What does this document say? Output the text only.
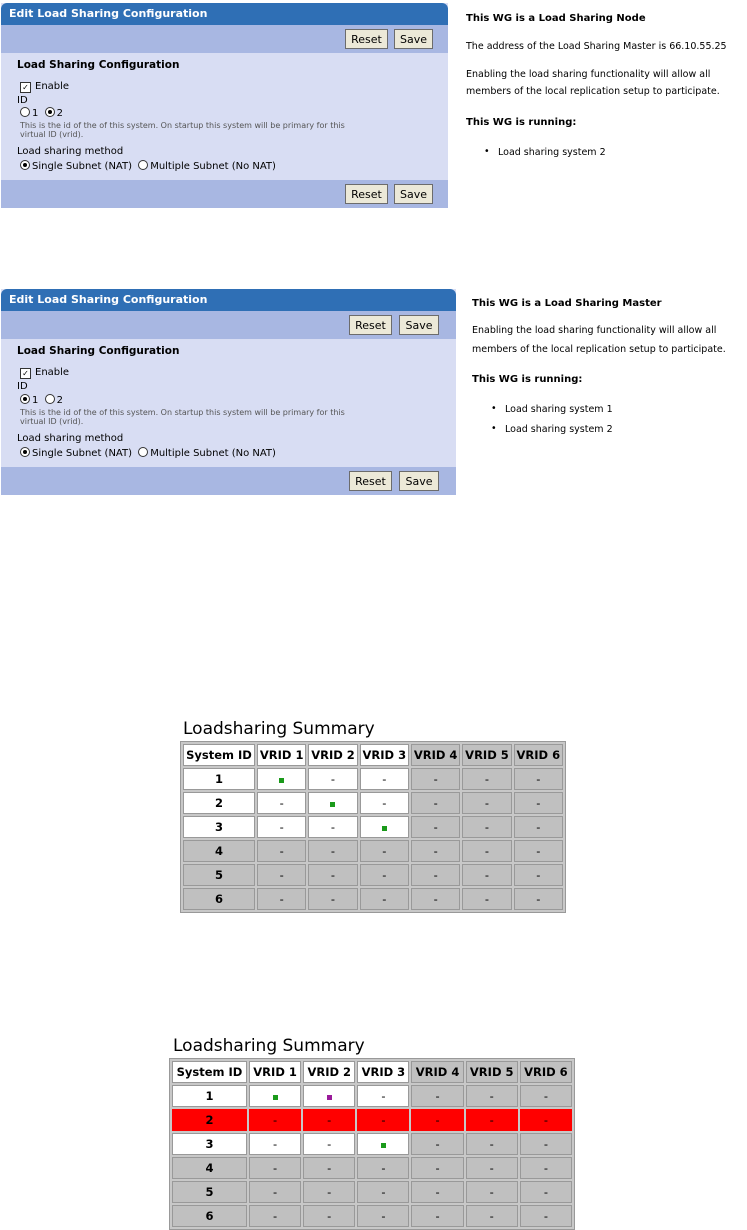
Edit Load Sharing Configuration
Reset	Save
Load Sharing Configuration
✓ Enable
ID
1 2
This is the id of the of this system. On startup this system will be primary for this virtual ID (vrid).
Load sharing method
Single Subnet (NAT) Multiple Subnet (No NAT)
Reset	Save
This WG is a Load Sharing Node
The address of the Load Sharing Master is 66.10.55.25
Enabling the load sharing functionality will allow all
members of the local replication setup to participate.
This WG is running:
• Load sharing system 2
Edit Load Sharing Configuration
Reset	Save
Load Sharing Configuration
✓ Enable
ID
1 2
This is the id of the of this system. On startup this system will be primary for this virtual ID (vrid).
Load sharing method
Single Subnet (NAT) Multiple Subnet (No NAT)
Reset	Save
This WG is a Load Sharing Master
Enabling the load sharing functionality will allow all
members of the local replication setup to participate.
This WG is running:
• Load sharing system 1
• Load sharing system 2
Loadsharing Summary
System ID	VRID 1	VRID 2	VRID 3	VRID 4	VRID 5	VRID 6
1		-	-	-	-	-
2	-		-	-	-	-
3	-	-		-	-	-
4	-	-	-	-	-	-
5	-	-	-	-	-	-
6	-	-	-	-	-	-
Loadsharing Summary
System ID	VRID 1	VRID 2	VRID 3	VRID 4	VRID 5	VRID 6
1			-	-	-	-
2	-	-	-	-	-	-
3	-	-		-	-	-
4	-	-	-	-	-	-
5	-	-	-	-	-	-
6	-	-	-	-	-	-
